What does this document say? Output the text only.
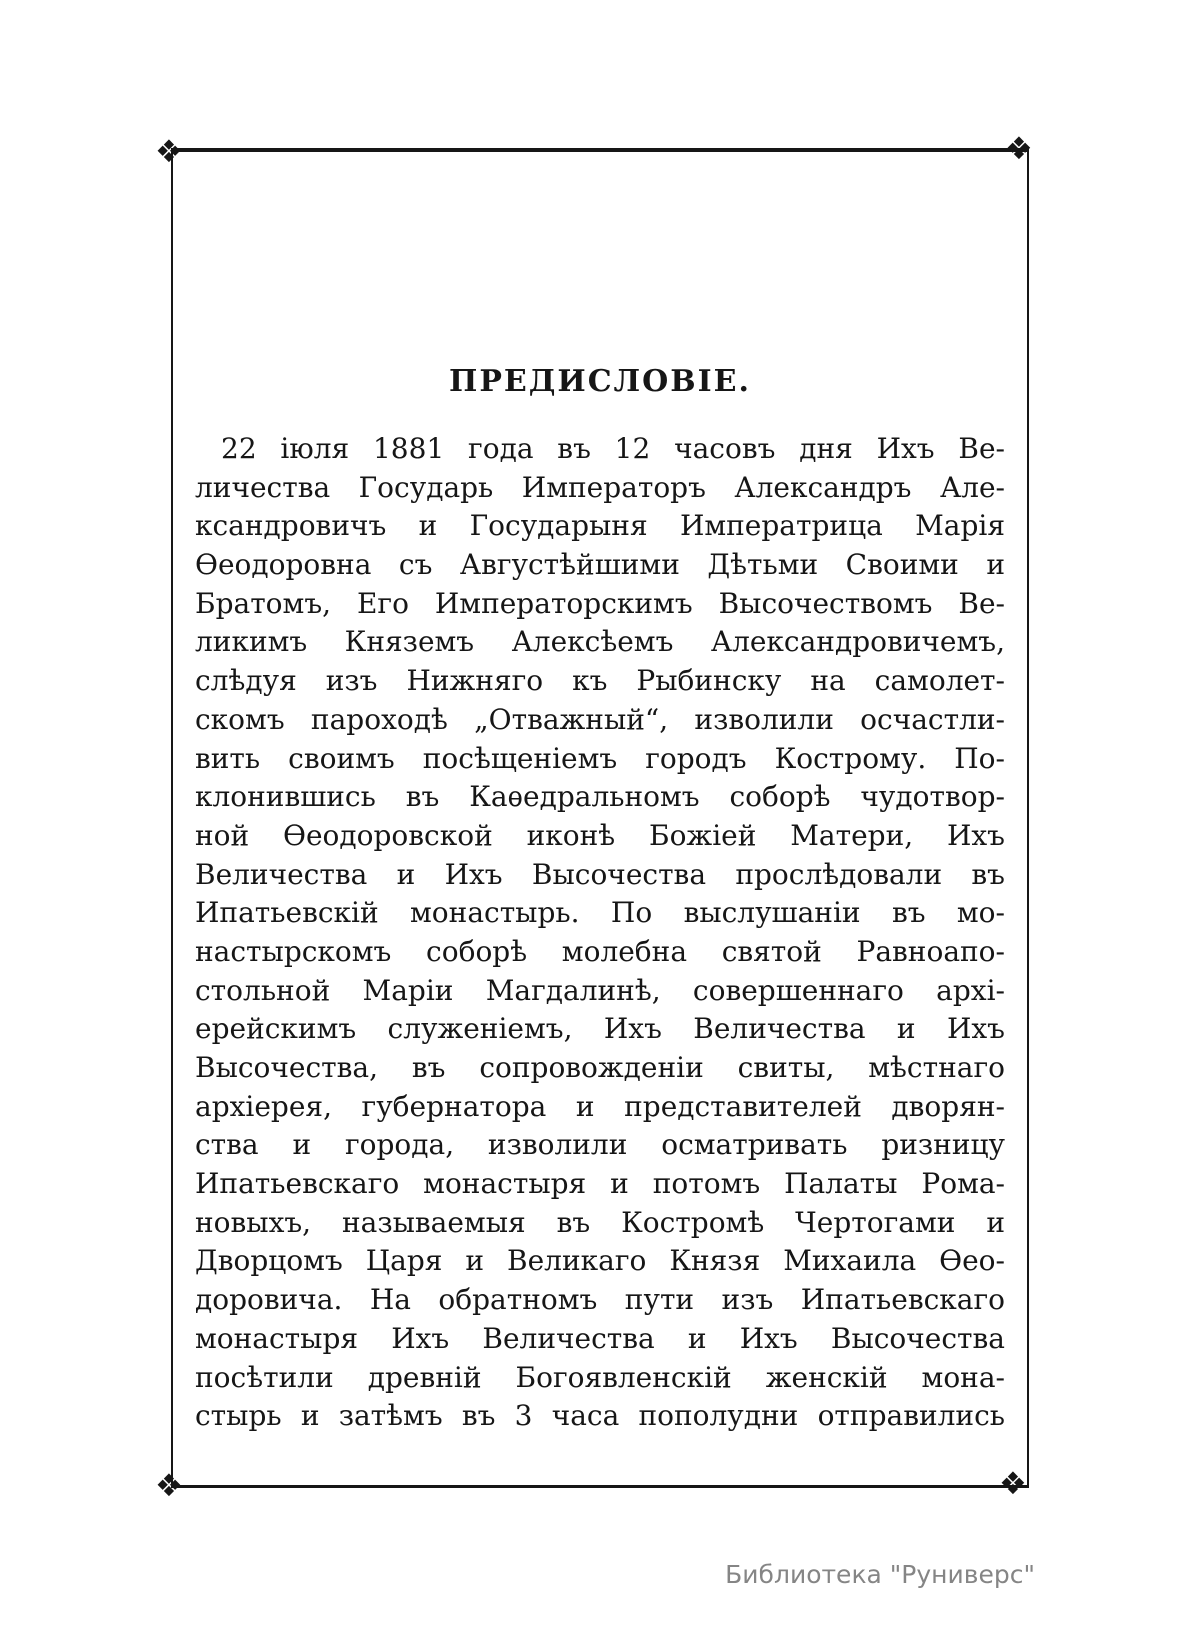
❖	❖
❖	❖
ПРЕДИСЛОВІЕ.
22 іюля 1881 года въ 12 часовъ дня Ихъ Ве-
личества Государь Императоръ Александръ Але-
ксандровичъ и Государыня Императрица Марія
Ѳеодоровна съ Августѣйшими Дѣтьми Своими и
Братомъ, Его Императорскимъ Высочествомъ Ве-
ликимъ Княземъ Алексѣемъ Александровичемъ,
слѣдуя изъ Нижняго къ Рыбинску на самолет-
скомъ пароходѣ „Отважный“, изволили осчастли-
вить своимъ посѣщеніемъ городъ Кострому. По-
клонившись въ Каѳедральномъ соборѣ чудотвор-
ной Ѳеодоровской иконѣ Божіей Матери, Ихъ
Величества и Ихъ Высочества прослѣдовали въ
Ипатьевскій монастырь. По выслушаніи въ мо-
настырскомъ соборѣ молебна святой Равноапо-
стольной Маріи Магдалинѣ, совершеннаго архі-
ерейскимъ служеніемъ, Ихъ Величества и Ихъ
Высочества, въ сопровожденіи свиты, мѣстнаго
архіерея, губернатора и представителей дворян-
ства и города, изволили осматривать ризницу
Ипатьевскаго монастыря и потомъ Палаты Рома-
новыхъ, называемыя въ Костромѣ Чертогами и
Дворцомъ Царя и Великаго Князя Михаила Ѳео-
доровича. На обратномъ пути изъ Ипатьевскаго
монастыря Ихъ Величества и Ихъ Высочества
посѣтили древній Богоявленскій женскій мона-
стырь и затѣмъ въ 3 часа пополудни отправились
Библиотека "Руниверс"
